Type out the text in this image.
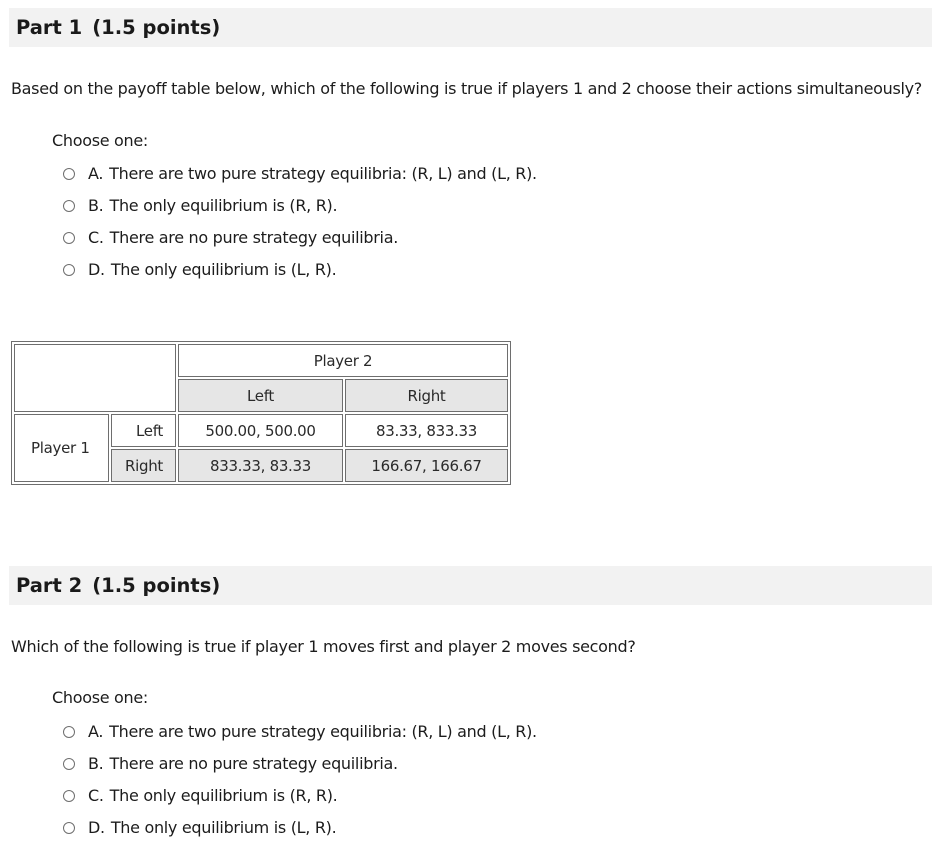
Part 1 (1.5 points)
Based on the payoff table below, which of the following is true if players 1 and 2 choose their actions simultaneously?
Choose one:
A. There are two pure strategy equilibria: (R, L) and (L, R).
B. The only equilibrium is (R, R).
C. There are no pure strategy equilibria.
D. The only equilibrium is (L, R).
		Player 2	
		Left	Right
Player 1	Left	500.00, 500.00	83.33, 833.33
	Right	833.33, 83.33	166.67, 166.67
Part 2 (1.5 points)
Which of the following is true if player 1 moves first and player 2 moves second?
Choose one:
A. There are two pure strategy equilibria: (R, L) and (L, R).
B. There are no pure strategy equilibria.
C. The only equilibrium is (R, R).
D. The only equilibrium is (L, R).
